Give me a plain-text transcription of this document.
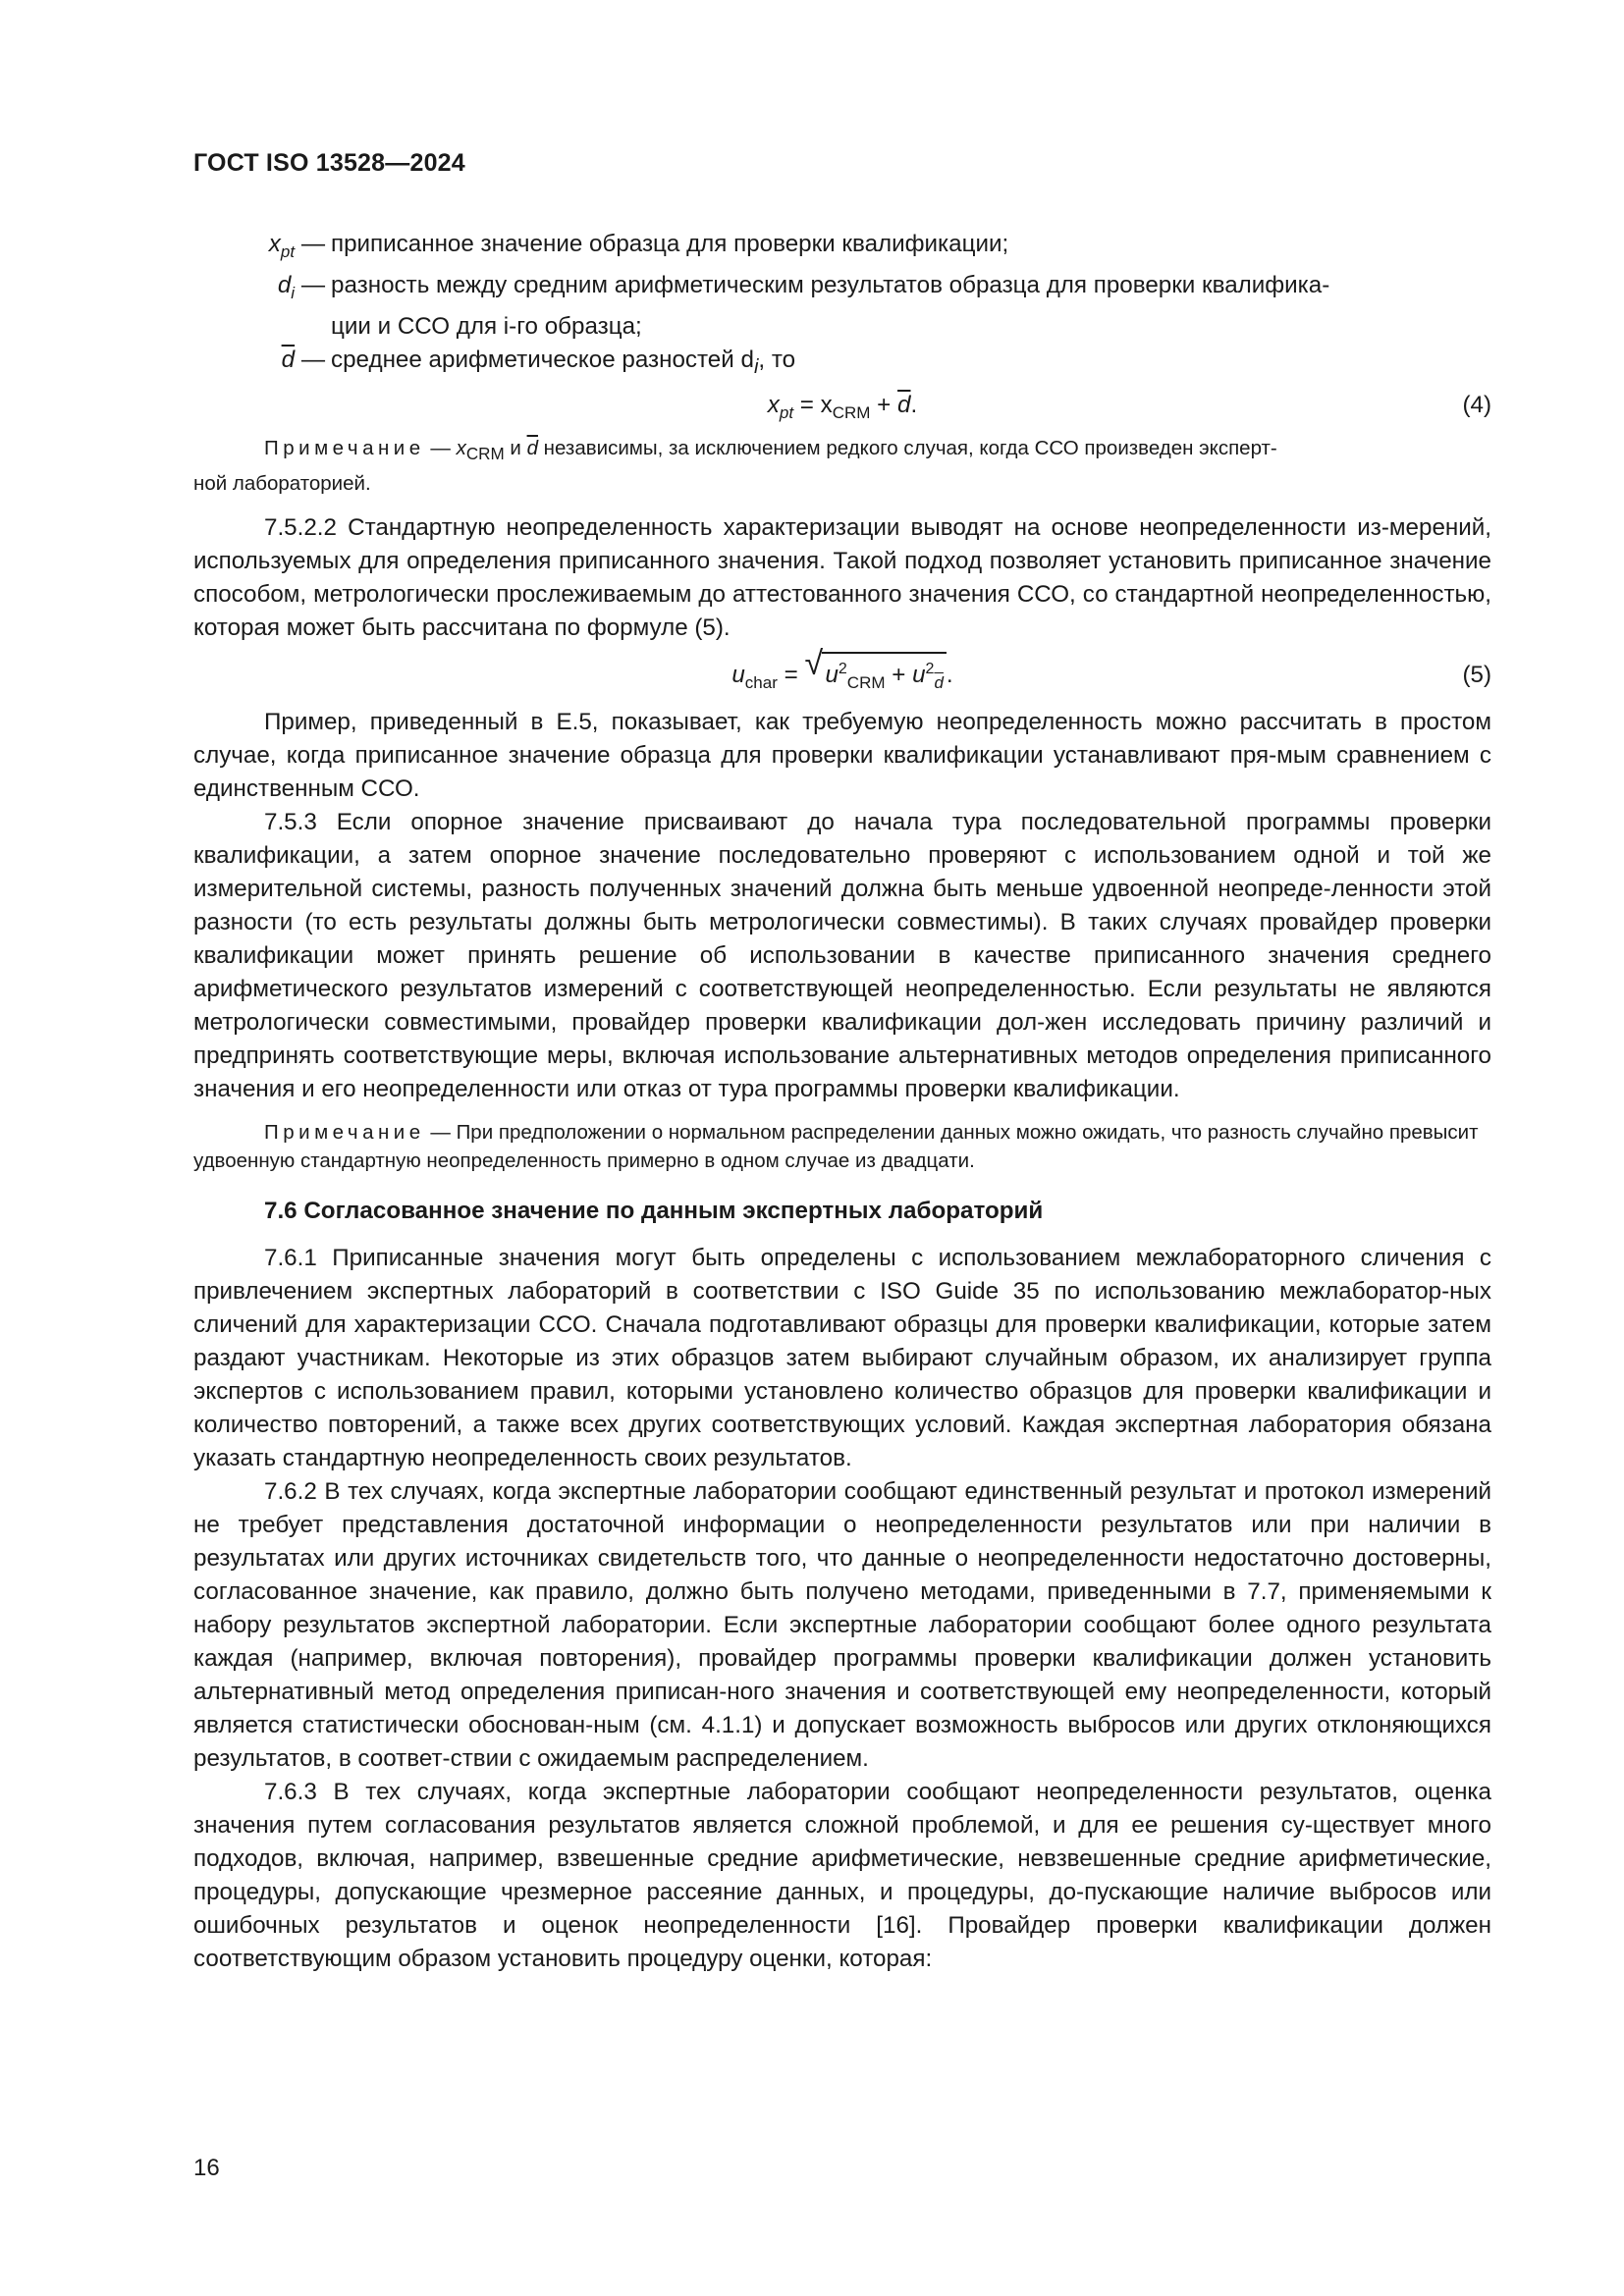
ГОСТ ISO 13528—2024
$x_{pt}$ — приписанное значение образца для проверки квалификации;
$d_i$ — разность между средним арифметическим результатов образца для проверки квалифика-
ции и ССО для i-го образца;
$\overline{d}$ — среднее арифметическое разностей $d_i$, то
$x_{pt} = x_{CRM} + \overline{d}$.	(4)
Примечание — $x_{CRM}$ и $\overline{d}$ независимы, за исключением редкого случая, когда ССО произведен эксперт-
ной лабораторией.

7.5.2.2 Стандартную неопределенность характеризации выводят на основе неопределенности из-мерений, используемых для определения приписанного значения. Такой подход позволяет установить приписанное значение способом, метрологически прослеживаемым до аттестованного значения ССО, со стандартной неопределенностью, которая может быть рассчитана по формуле (5).

$u_{char}$ = √ $u^2_{CRM} + u^2_{\overline{d}}$ .	(5)

Пример, приведенный в Е.5, показывает, как требуемую неопределенность можно рассчитать в простом случае, когда приписанное значение образца для проверки квалификации устанавливают пря-мым сравнением с единственным ССО.

7.5.3 Если опорное значение присваивают до начала тура последовательной программы проверки квалификации, а затем опорное значение последовательно проверяют с использованием одной и той же измерительной системы, разность полученных значений должна быть меньше удвоенной неопреде-ленности этой разности (то есть результаты должны быть метрологически совместимы). В таких случаях провайдер проверки квалификации может принять решение об использовании в качестве приписанного значения среднего арифметического результатов измерений с соответствующей неопределенностью. Если результаты не являются метрологически совместимыми, провайдер проверки квалификации дол-жен исследовать причину различий и предпринять соответствующие меры, включая использование альтернативных методов определения приписанного значения и его неопределенности или отказ от тура программы проверки квалификации.

Примечание — При предположении о нормальном распределении данных можно ожидать, что разность случайно превысит удвоенную стандартную неопределенность примерно в одном случае из двадцати.
7.6 Согласованное значение по данным экспертных лабораторий

7.6.1 Приписанные значения могут быть определены с использованием межлабораторного сличения с привлечением экспертных лабораторий в соответствии с ISO Guide 35 по использованию межлаборатор-ных сличений для характеризации ССО. Сначала подготавливают образцы для проверки квалификации, которые затем раздают участникам. Некоторые из этих образцов затем выбирают случайным образом, их анализирует группа экспертов с использованием правил, которыми установлено количество образцов для проверки квалификации и количество повторений, а также всех других соответствующих условий. Каждая экспертная лаборатория обязана указать стандартную неопределенность своих результатов.

7.6.2 В тех случаях, когда экспертные лаборатории сообщают единственный результат и протокол измерений не требует представления достаточной информации о неопределенности результатов или при наличии в результатах или других источниках свидетельств того, что данные о неопределенности недостаточно достоверны, согласованное значение, как правило, должно быть получено методами, приведенными в 7.7, применяемыми к набору результатов экспертной лаборатории. Если экспертные лаборатории сообщают более одного результата каждая (например, включая повторения), провайдер программы проверки квалификации должен установить альтернативный метод определения приписан-ного значения и соответствующей ему неопределенности, который является статистически обоснован-ным (см. 4.1.1) и допускает возможность выбросов или других отклоняющихся результатов, в соответ-ствии с ожидаемым распределением.

7.6.3 В тех случаях, когда экспертные лаборатории сообщают неопределенности результатов, оценка значения путем согласования результатов является сложной проблемой, и для ее решения су-ществует много подходов, включая, например, взвешенные средние арифметические, невзвешенные средние арифметические, процедуры, допускающие чрезмерное рассеяние данных, и процедуры, до-пускающие наличие выбросов или ошибочных результатов и оценок неопределенности [16]. Провайдер проверки квалификации должен соответствующим образом установить процедуру оценки, которая:

16
